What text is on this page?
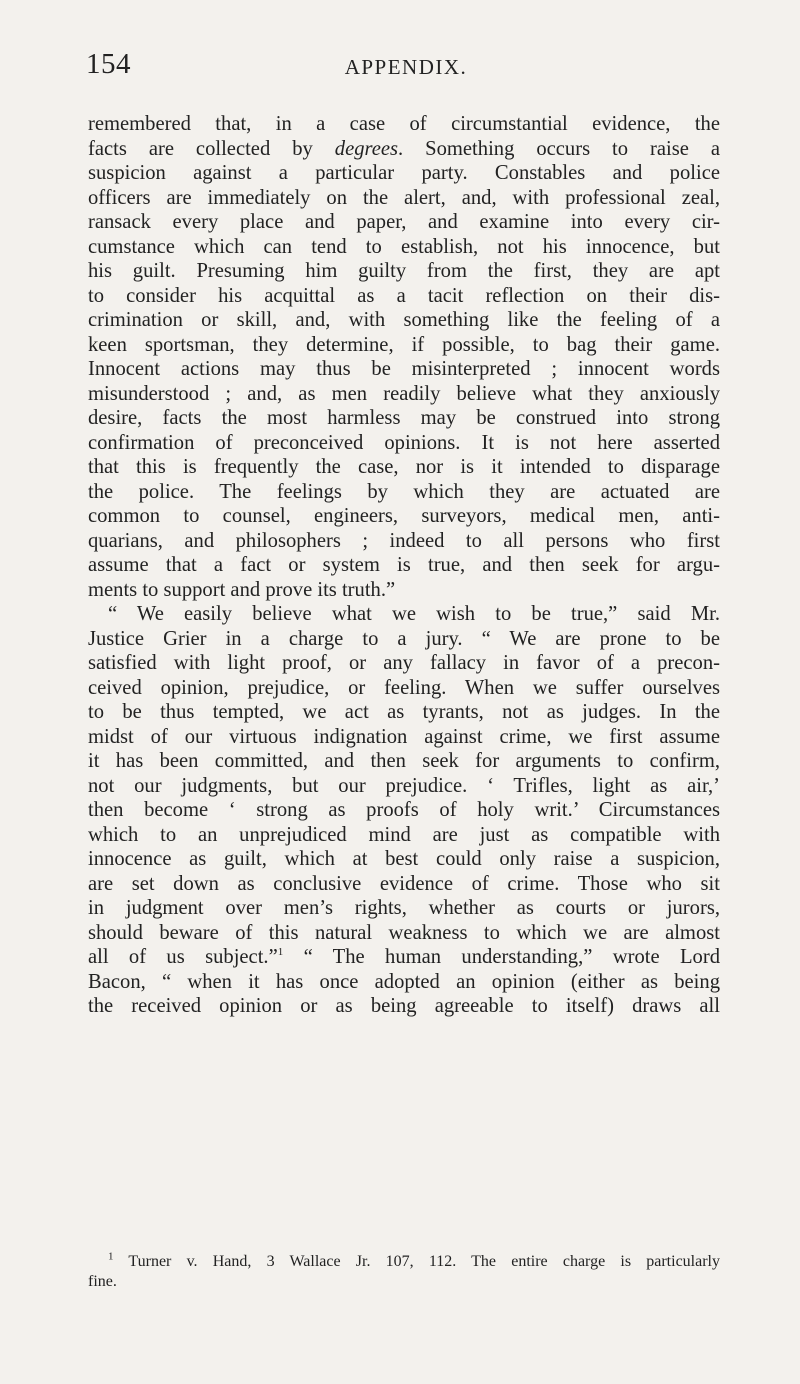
154	APPENDIX.
remembered that, in a case of circumstantial evidence, the
facts are collected by degrees. Something occurs to raise a
suspicion against a particular party. Constables and police
officers are immediately on the alert, and, with professional zeal,
ransack every place and paper, and examine into every cir-
cumstance which can tend to establish, not his innocence, but
his guilt. Presuming him guilty from the first, they are apt
to consider his acquittal as a tacit reflection on their dis-
crimination or skill, and, with something like the feeling of a
keen sportsman, they determine, if possible, to bag their game.
Innocent actions may thus be misinterpreted ; innocent words
misunderstood ; and, as men readily believe what they anxiously
desire, facts the most harmless may be construed into strong
confirmation of preconceived opinions. It is not here asserted
that this is frequently the case, nor is it intended to disparage
the police. The feelings by which they are actuated are
common to counsel, engineers, surveyors, medical men, anti-
quarians, and philosophers ; indeed to all persons who first
assume that a fact or system is true, and then seek for argu-
ments to support and prove its truth.”
“ We easily believe what we wish to be true,” said Mr.
Justice Grier in a charge to a jury. “ We are prone to be
satisfied with light proof, or any fallacy in favor of a precon-
ceived opinion, prejudice, or feeling. When we suffer ourselves
to be thus tempted, we act as tyrants, not as judges. In the
midst of our virtuous indignation against crime, we first assume
it has been committed, and then seek for arguments to confirm,
not our judgments, but our prejudice. ‘ Trifles, light as air,’
then become ‘ strong as proofs of holy writ.’ Circumstances
which to an unprejudiced mind are just as compatible with
innocence as guilt, which at best could only raise a suspicion,
are set down as conclusive evidence of crime. Those who sit
in judgment over men’s rights, whether as courts or jurors,
should beware of this natural weakness to which we are almost
all of us subject.”$^1$ “ The human understanding,” wrote Lord
Bacon, “ when it has once adopted an opinion (either as being
the received opinion or as being agreeable to itself) draws all
$^1$ Turner v. Hand, 3 Wallace Jr. 107, 112. The entire charge is particularly
fine.
